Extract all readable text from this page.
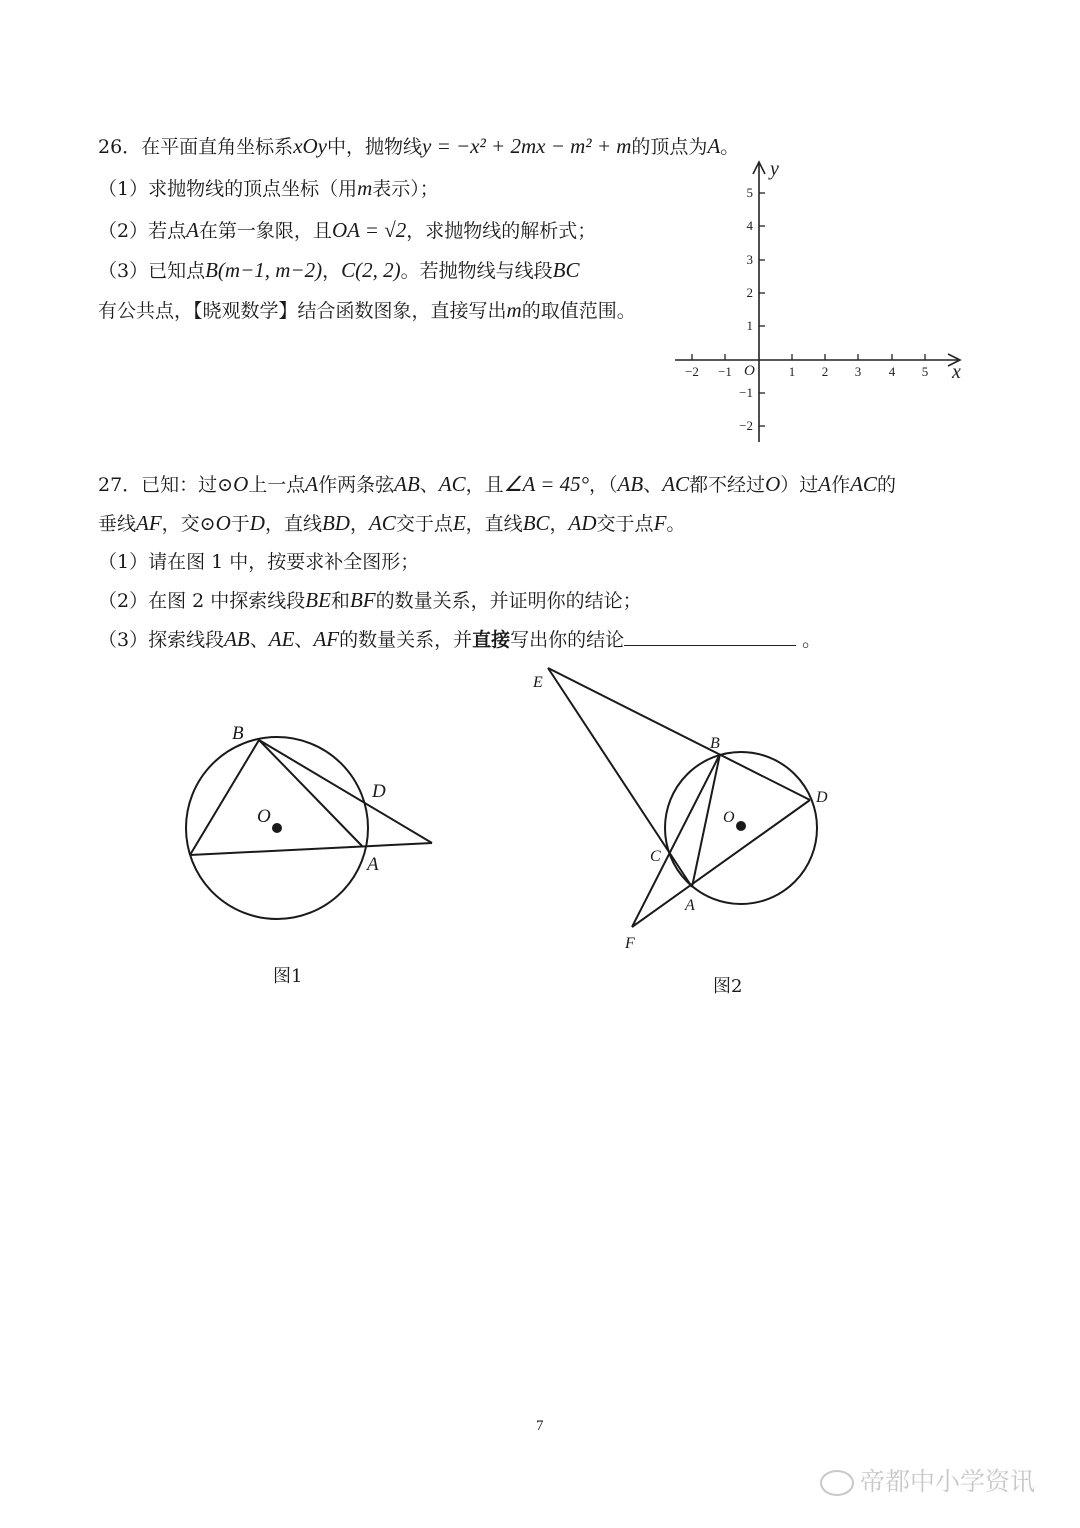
26．在平面直角坐标系xOy中，抛物线y = −x² + 2mx − m² + m的顶点为A。
（1）求抛物线的顶点坐标（用m表示）；
（2）若点A在第一象限，且OA = √2，求抛物线的解析式；
（3）已知点B(m−1, m−2)，C(2, 2)。若抛物线与线段BC
有公共点，【晓观数学】结合函数图象，直接写出m的取值范围。
−2 −1	1 2 3 4 5
5
4
3
2
1
−1
−2
O	x
y
27．已知：过⊙O上一点A作两条弦AB、AC，且∠A = 45°，（AB、AC都不经过O）过A作AC的
垂线AF，交⊙O于D，直线BD，AC交于点E，直线BC，AD交于点F。
（1）请在图 1 中，按要求补全图形；
（2）在图 2 中探索线段BE和BF的数量关系，并证明你的结论；
（3）探索线段AB、AE、AF的数量关系，并直接写出你的结论	。
B
D
O
A
图1
E
B
D
O
C
A
F
图2
7
帝都中小学资讯
